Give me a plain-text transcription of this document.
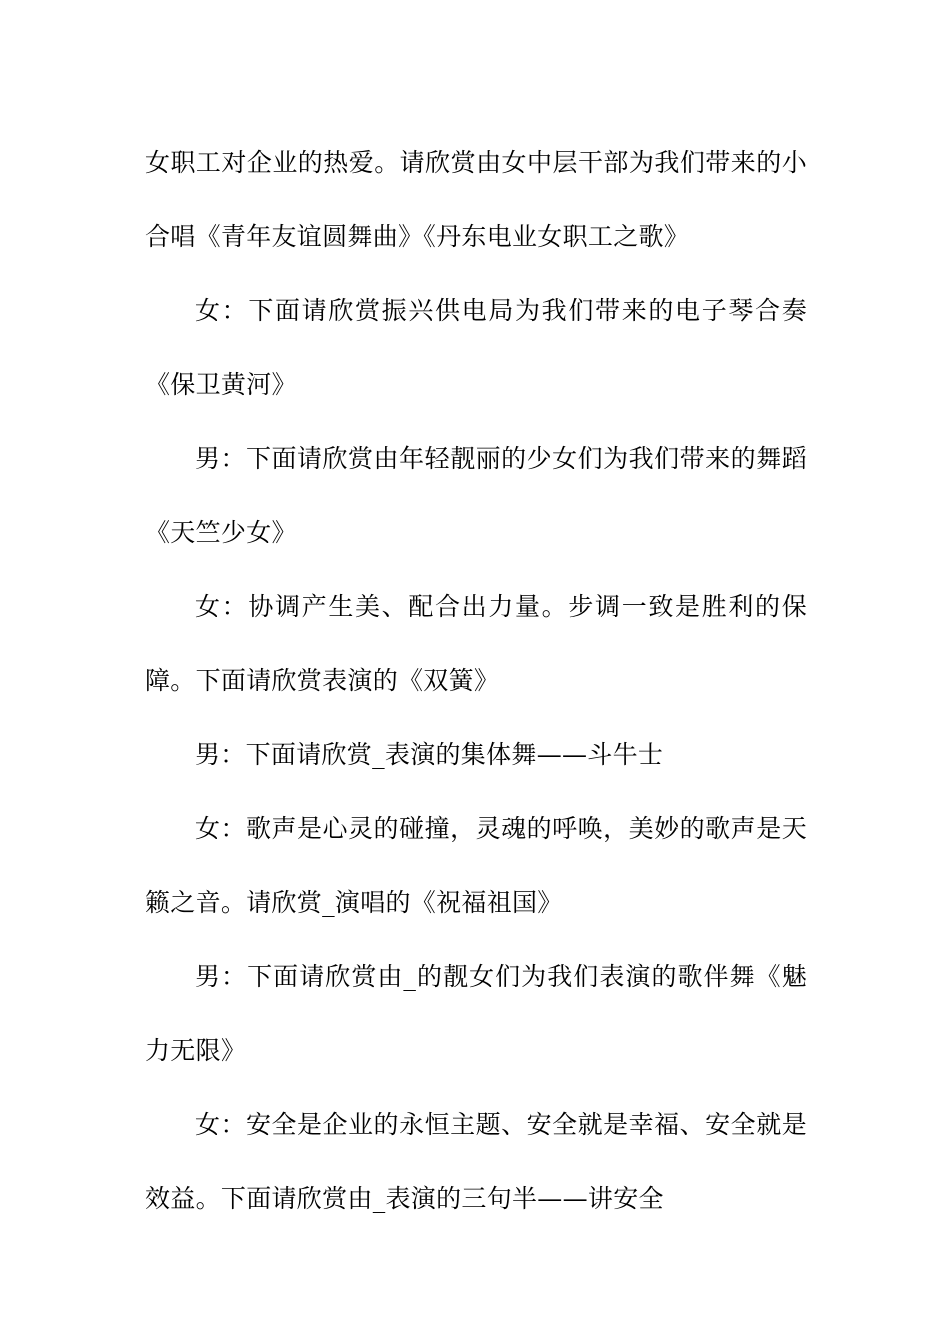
女职工对企业的热爱。请欣赏由女中层干部为我们带来的小合唱《青年友谊圆舞曲》《丹东电业女职工之歌》

女：下面请欣赏振兴供电局为我们带来的电子琴合奏《保卫黄河》

男：下面请欣赏由年轻靓丽的少女们为我们带来的舞蹈《天竺少女》

女：协调产生美、配合出力量。步调一致是胜利的保障。下面请欣赏表演的《双簧》

男：下面请欣赏_表演的集体舞——斗牛士

女：歌声是心灵的碰撞，灵魂的呼唤，美妙的歌声是天籁之音。请欣赏_演唱的《祝福祖国》

男：下面请欣赏由_的靓女们为我们表演的歌伴舞《魅力无限》

女：安全是企业的永恒主题、安全就是幸福、安全就是效益。下面请欣赏由_表演的三句半——讲安全
